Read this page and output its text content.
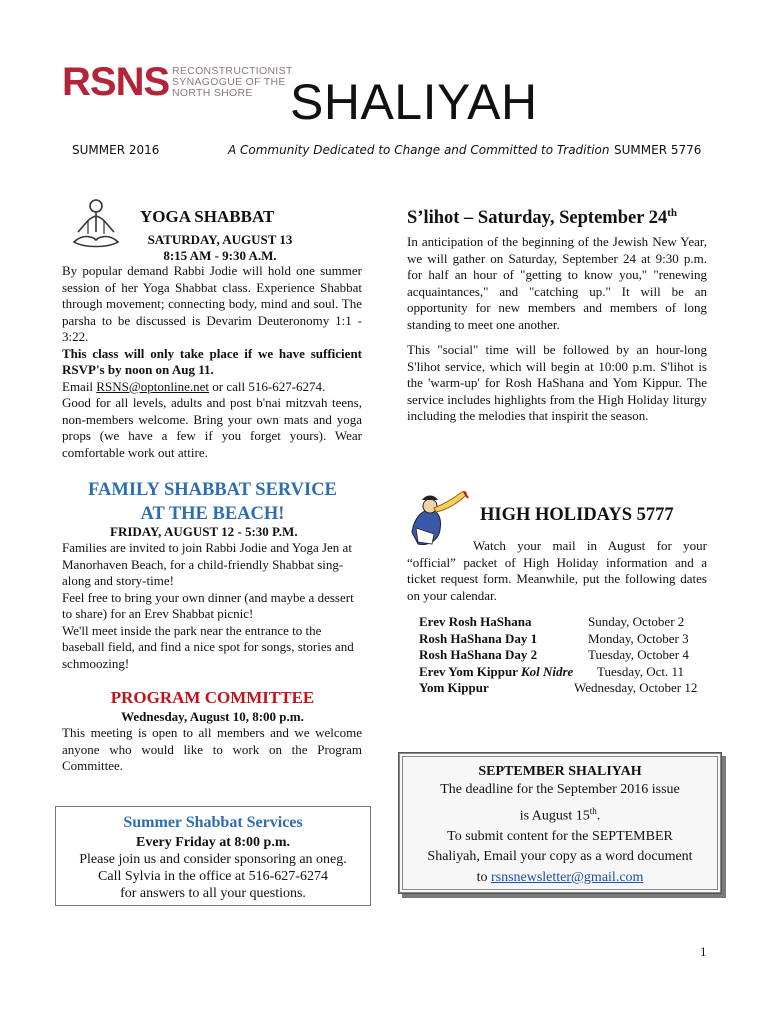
RSNS RECONSTRUCTIONIST
SYNAGOGUE OF THE
NORTH SHORE SHALIYAH
SUMMER 2016	A Community Dedicated to Change and Committed to Tradition SUMMER 5776
YOGA SHABBAT
SATURDAY, AUGUST 13
8:15 AM - 9:30 A.M.
By popular demand Rabbi Jodie will hold one summer session of her Yoga Shabbat class. Experience Shabbat through movement; connecting body, mind and soul. The parsha to be discussed is Devarim Deuteronomy 1:1 - 3:22.
This class will only take place if we have sufficient RSVP's by noon on Aug 11.
Email RSNS@optonline.net or call 516-627-6274.
Good for all levels, adults and post b'nai mitzvah teens, non-members welcome. Bring your own mats and yoga props (we have a few if you forget yours). Wear comfortable work out attire.
FAMILY SHABBAT SERVICE
AT THE BEACH!
FRIDAY, AUGUST 12 - 5:30 P.M.
Families are invited to join Rabbi Jodie and Yoga Jen at Manorhaven Beach, for a child-friendly Shabbat sing-along and story-time!
Feel free to bring your own dinner (and maybe a dessert to share) for an Erev Shabbat picnic!
We'll meet inside the park near the entrance to the baseball field, and find a nice spot for songs, stories and schmoozing!
PROGRAM COMMITTEE
Wednesday, August 10, 8:00 p.m.
This meeting is open to all members and we welcome anyone who would like to work on the Program Committee.
Summer Shabbat Services
Every Friday at 8:00 p.m.
Please join us and consider sponsoring an oneg.
Call Sylvia in the office at 516-627-6274
for answers to all your questions.
S’lihot – Saturday, September 24th
In anticipation of the beginning of the Jewish New Year, we will gather on Saturday, September 24 at 9:30 p.m. for half an hour of "getting to know you," "renewing acquaintances," and "catching up." It will be an opportunity for new members and members of long standing to meet one another.
This "social" time will be followed by an hour-long S'lihot service, which will begin at 10:00 p.m. S'lihot is the 'warm-up' for Rosh HaShana and Yom Kippur. The service includes highlights from the High Holiday liturgy including the melodies that inspirit the season.
HIGH HOLIDAYS 5777
Watch your mail in August for your “official” packet of High Holiday information and a ticket request form. Meanwhile, put the following dates on your calendar.
Erev Rosh HaShana	Sunday, October 2
Rosh HaShana Day 1	Monday, October 3
Rosh HaShana Day 2	Tuesday, October 4
Erev Yom Kippur Kol Nidre Tuesday, Oct. 11
Yom Kippur	Wednesday, October 12
SEPTEMBER SHALIYAH
The deadline for the September 2016 issue
is August 15th.
To submit content for the SEPTEMBER
Shaliyah, Email your copy as a word document
to rsnsnewsletter@gmail.com
1
